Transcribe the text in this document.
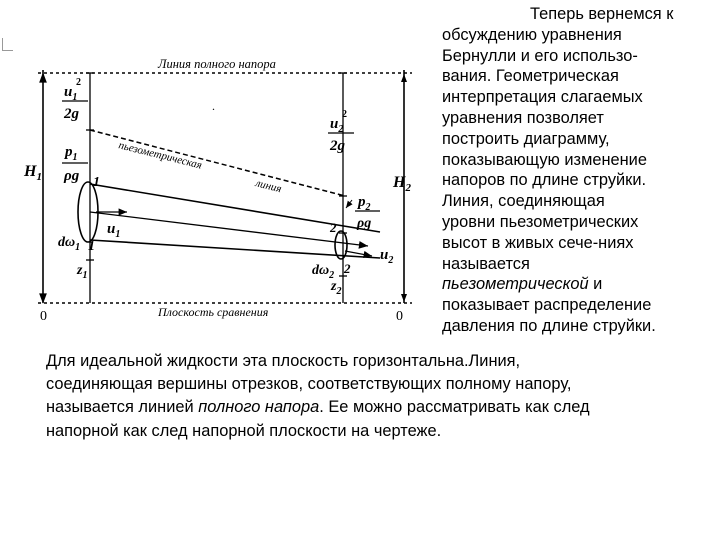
Линия полного напора
пьезометрическая
линия
Плоскость сравнения
0	0
$H_1$	$H_2$
$u_1$
2
2g
$p_1$
ρg
$u_2$
2
2g
$p_2$
ρg
$u_1$
$u_2$
$d\omega_1$
$d\omega_2$
$z_1$
$z_2$
1
1
2
2
.

Теперь вернемся к

обсуждению уравнения

Бернулли и его использо-

вания. Геометрическая

интерпретация слагаемых

уравнения позволяет

построить диаграмму,

показывающую изменение

напоров по длине струйки.

Линия, соединяющая

уровни пьезометрических

высот в живых сече-ниях

называется

пьезометрической и

показывает распределение

давления по длине струйки.

Для идеальной жидкости эта плоскость горизонтальна.Линия,

соединяющая вершины отрезков, соответствующих полному напору,

называется линией полного напора. Ее можно рассматривать как след

напорной как след напорной плоскости на чертеже.
